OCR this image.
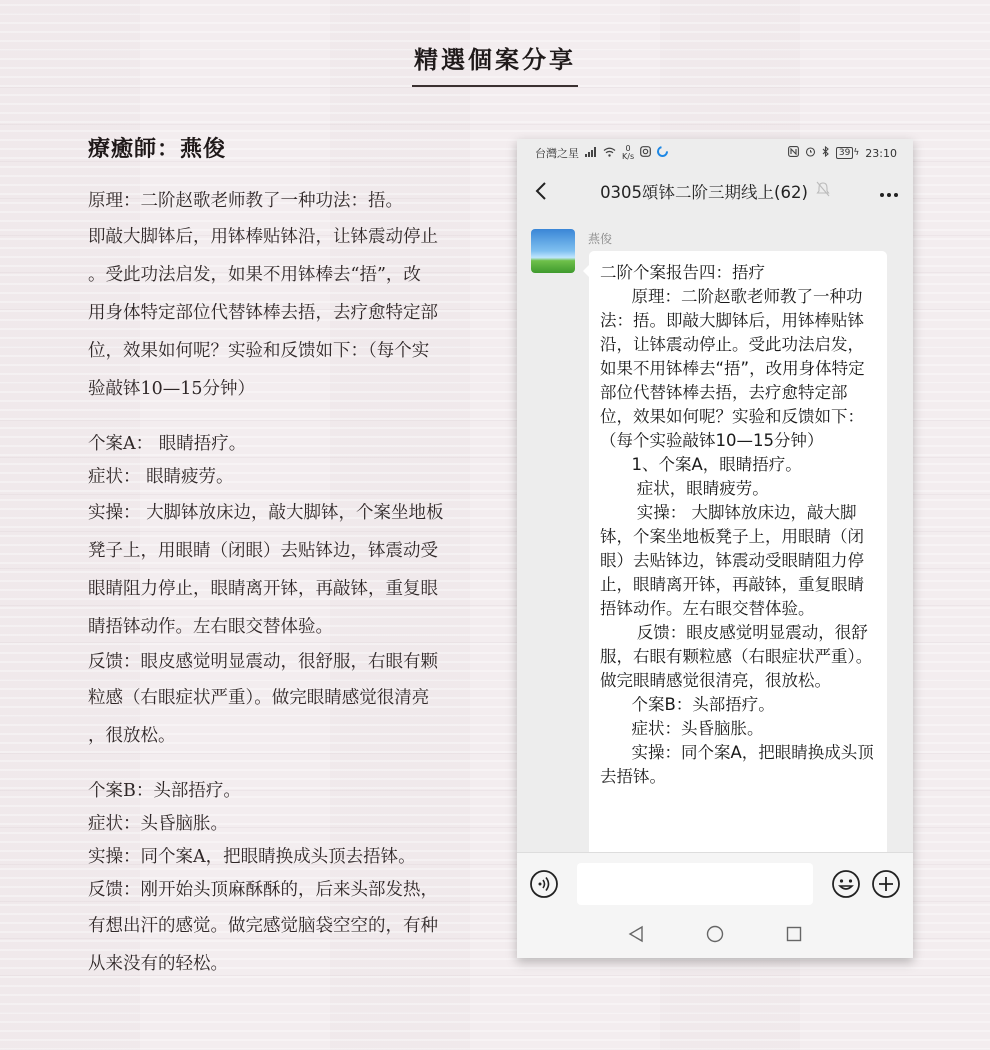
精選個案分享
療癒師：燕俊

原理：二阶赵歌老师教了一种功法：捂。

即敲大脚钵后，用钵棒贴钵沿，让钵震动停止

。受此功法启发，如果不用钵棒去“捂”，改

用身体特定部位代替钵棒去捂，去疗愈特定部

位，效果如何呢？实验和反馈如下：（每个实

验敲钵10—15分钟）

个案A： 眼睛捂疗。

症状： 眼睛疲劳。

实操： 大脚钵放床边，敲大脚钵，个案坐地板

凳子上，用眼睛（闭眼）去贴钵边，钵震动受

眼睛阻力停止，眼睛离开钵，再敲钵，重复眼

睛捂钵动作。左右眼交替体验。

反馈：眼皮感觉明显震动，很舒服，右眼有颗

粒感（右眼症状严重）。做完眼睛感觉很清亮

，很放松。

个案B：头部捂疗。

症状：头昏脑胀。

实操：同个案A，把眼睛换成头顶去捂钵。

反馈：刚开始头顶麻酥酥的，后来头部发热，

有想出汗的感觉。做完感觉脑袋空空的，有种

从来没有的轻松。

台灣之星	0
K/s	39 ϟ 23:10
0305頌钵二阶三期线上(62)
燕俊
二阶个案报告四：捂疗
原理：二阶赵歌老师教了一种功法：捂。即敲大脚钵后，用钵棒贴钵沿，让钵震动停止。受此功法启发，如果不用钵棒去“捂”，改用身体特定部位代替钵棒去捂，去疗愈特定部位，效果如何呢？实验和反馈如下：（每个实验敲钵10—15分钟）
1、个案A，眼睛捂疗。
症状，眼睛疲劳。
实操： 大脚钵放床边，敲大脚钵，个案坐地板凳子上，用眼睛（闭眼）去贴钵边，钵震动受眼睛阻力停止，眼睛离开钵，再敲钵，重复眼睛捂钵动作。左右眼交替体验。
反馈：眼皮感觉明显震动，很舒服，右眼有颗粒感（右眼症状严重）。做完眼睛感觉很清亮，很放松。
个案B：头部捂疗。
症状：头昏脑胀。
实操：同个案A，把眼睛换成头顶去捂钵。
